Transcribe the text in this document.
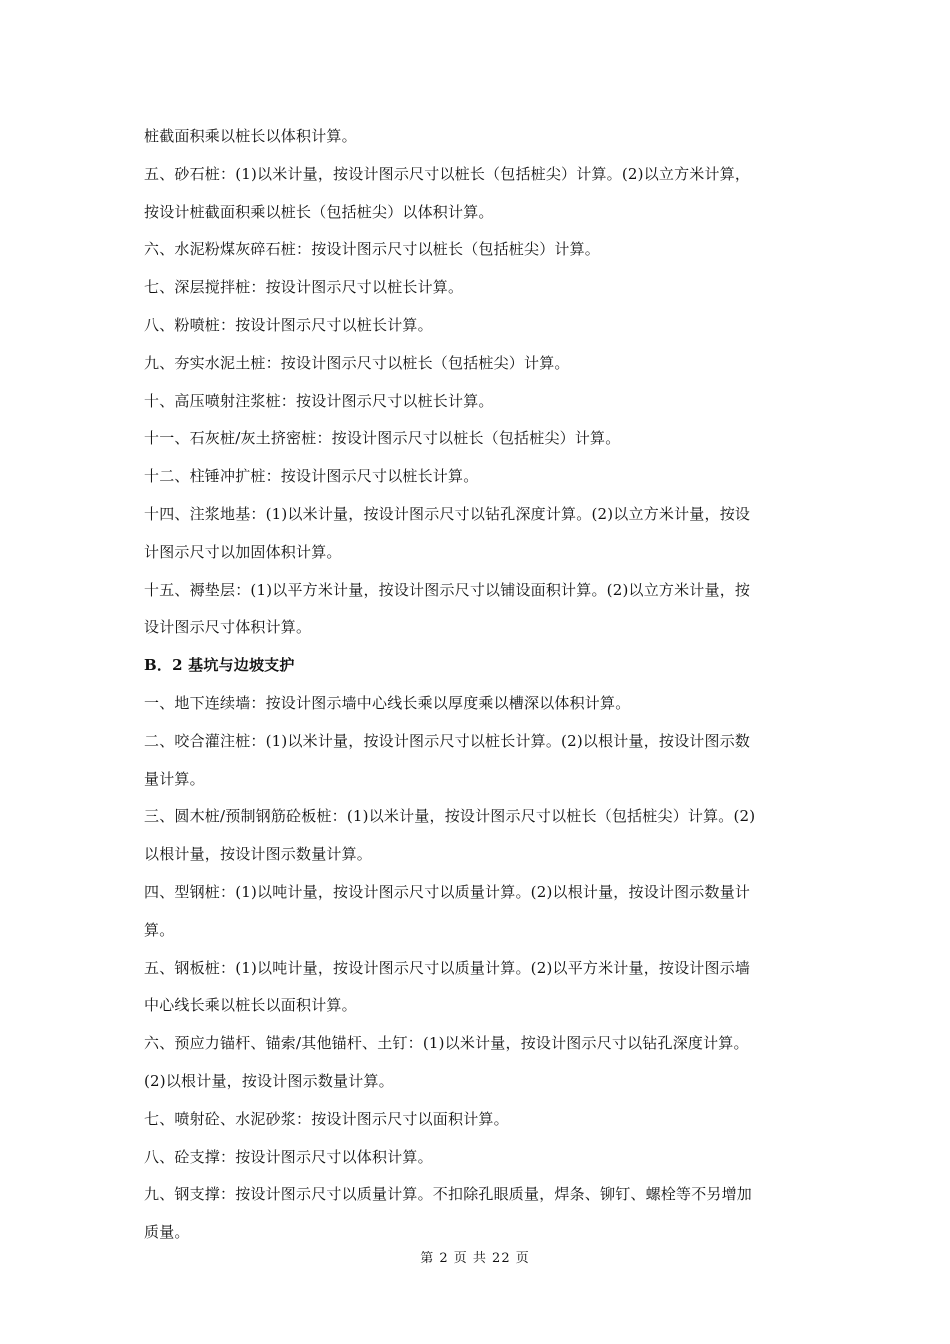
桩截面积乘以桩长以体积计算。
五、砂石桩：(1)以米计量，按设计图示尺寸以桩长（包括桩尖）计算。(2)以立方米计算，
按设计桩截面积乘以桩长（包括桩尖）以体积计算。
六、水泥粉煤灰碎石桩：按设计图示尺寸以桩长（包括桩尖）计算。
七、深层搅拌桩：按设计图示尺寸以桩长计算。
八、粉喷桩：按设计图示尺寸以桩长计算。
九、夯实水泥土桩：按设计图示尺寸以桩长（包括桩尖）计算。
十、高压喷射注浆桩：按设计图示尺寸以桩长计算。
十一、石灰桩/灰土挤密桩：按设计图示尺寸以桩长（包括桩尖）计算。
十二、柱锤冲扩桩：按设计图示尺寸以桩长计算。
十四、注浆地基：(1)以米计量，按设计图示尺寸以钻孔深度计算。(2)以立方米计量，按设
计图示尺寸以加固体积计算。
十五、褥垫层：(1)以平方米计量，按设计图示尺寸以铺设面积计算。(2)以立方米计量，按
设计图示尺寸体积计算。
B．2 基坑与边坡支护
一、地下连续墙：按设计图示墙中心线长乘以厚度乘以槽深以体积计算。
二、咬合灌注桩：(1)以米计量，按设计图示尺寸以桩长计算。(2)以根计量，按设计图示数
量计算。
三、圆木桩/预制钢筋砼板桩：(1)以米计量，按设计图示尺寸以桩长（包括桩尖）计算。(2)
以根计量，按设计图示数量计算。
四、型钢桩：(1)以吨计量，按设计图示尺寸以质量计算。(2)以根计量，按设计图示数量计
算。
五、钢板桩：(1)以吨计量，按设计图示尺寸以质量计算。(2)以平方米计量，按设计图示墙
中心线长乘以桩长以面积计算。
六、预应力锚杆、锚索/其他锚杆、土钉：(1)以米计量，按设计图示尺寸以钻孔深度计算。
(2)以根计量，按设计图示数量计算。
七、喷射砼、水泥砂浆：按设计图示尺寸以面积计算。
八、砼支撑：按设计图示尺寸以体积计算。
九、钢支撑：按设计图示尺寸以质量计算。不扣除孔眼质量，焊条、铆钉、螺栓等不另增加
质量。
第 2 页 共 22 页
